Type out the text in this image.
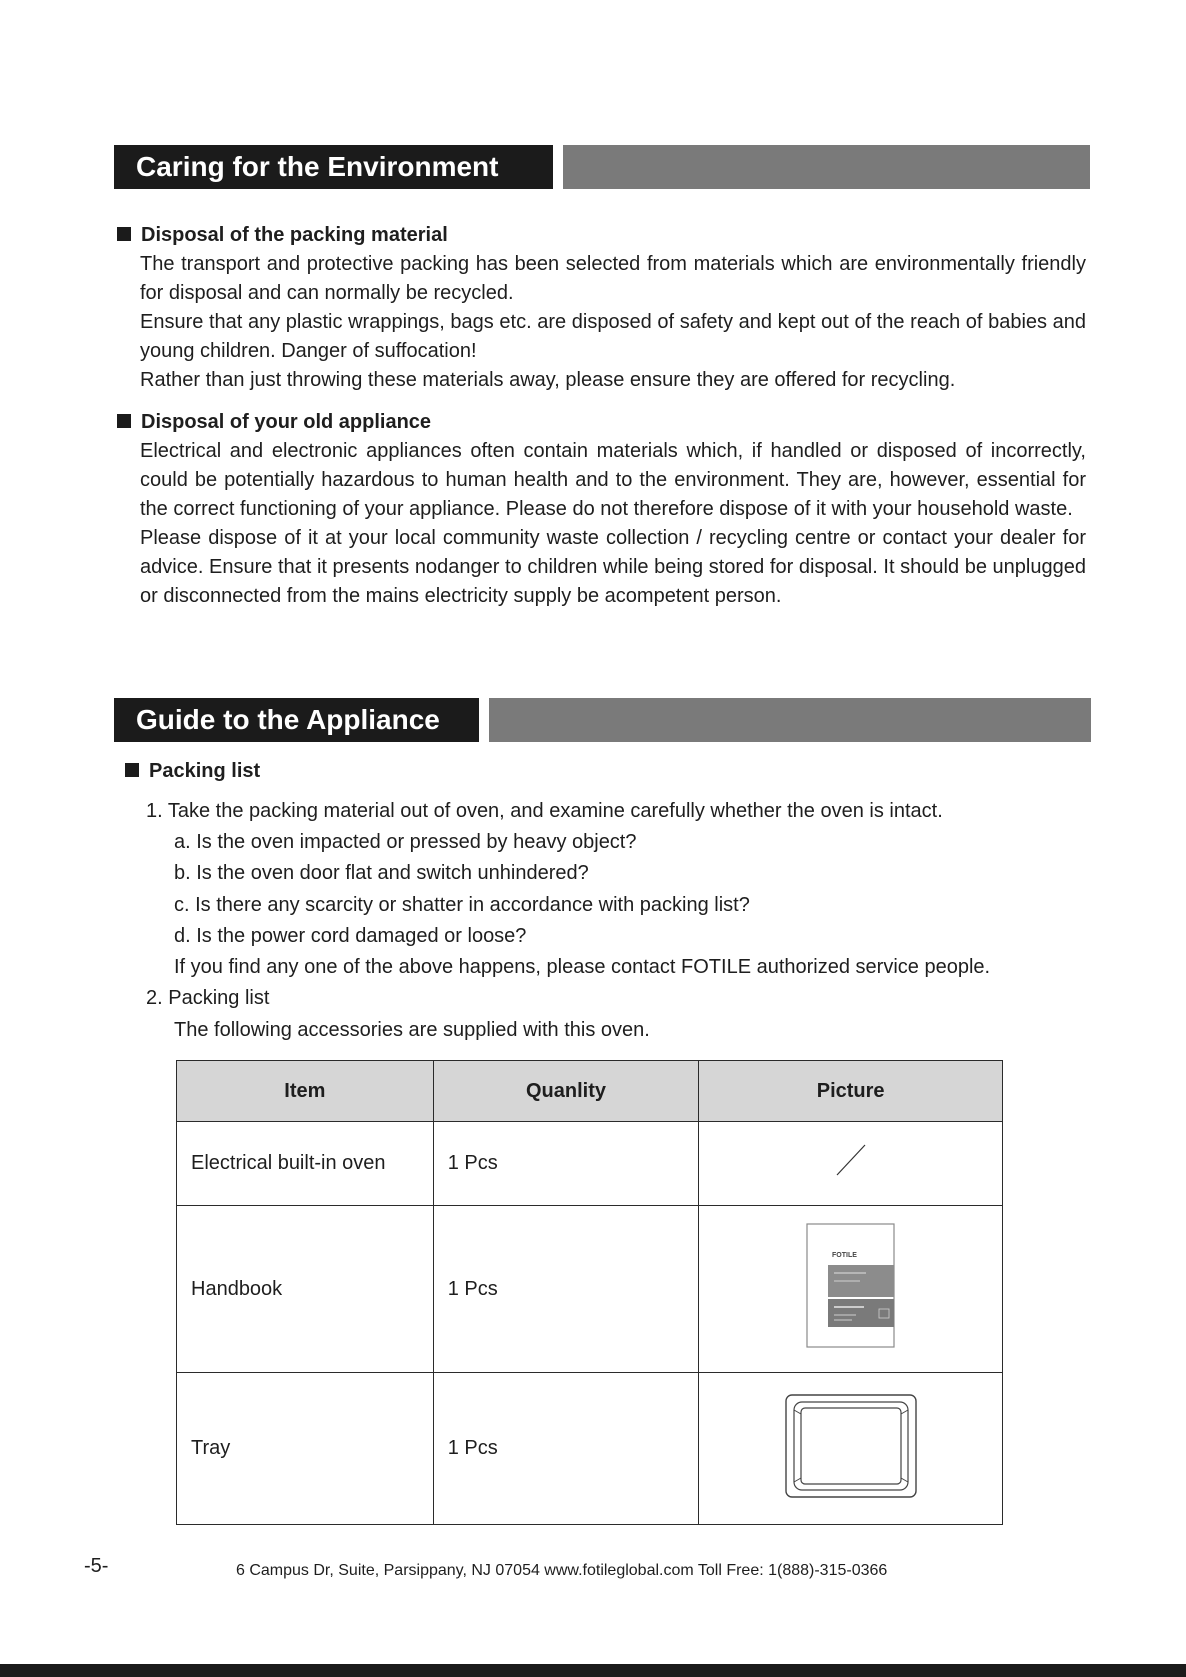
Caring for the Environment
Disposal of the packing material

The transport and protective packing has been selected from materials which are environmentally friendly for disposal and can normally be recycled.

Ensure that any plastic wrappings, bags etc. are disposed of safety and kept out of the reach of babies and young children. Danger of suffocation!

Rather than just throwing these materials away, please ensure they are offered for recycling.

Disposal of your old appliance

Electrical and electronic appliances often contain materials which, if handled or disposed of incorrectly, could be potentially hazardous to human health and to the environment. They are, however, essential for the correct functioning of your appliance. Please do not therefore dispose of it with your household waste.

Please dispose of it at your local community waste collection / recycling centre or contact your dealer for advice. Ensure that it presents nodanger to children while being stored for disposal. It should be unplugged or disconnected from the mains electricity supply be acompetent person.

Guide to the Appliance
Packing list
1. Take the packing material out of oven, and examine carefully whether the oven is intact.
a. Is the oven impacted or pressed by heavy object?
b. Is the oven door flat and switch unhindered?
c. Is there any scarcity or shatter in accordance with packing list?
d. Is the power cord damaged or loose?
If you find any one of the above happens, please contact FOTILE authorized service people.
2. Packing list
The following accessories are supplied with this oven.
Item	Quanlity	Picture
Electrical built-in oven	1 Pcs	
Handbook	1 Pcs	FOTILE

Tray	1 Pcs	
-5-	6 Campus Dr, Suite, Parsippany, NJ 07054 www.fotileglobal.com Toll Free: 1(888)-315-0366
